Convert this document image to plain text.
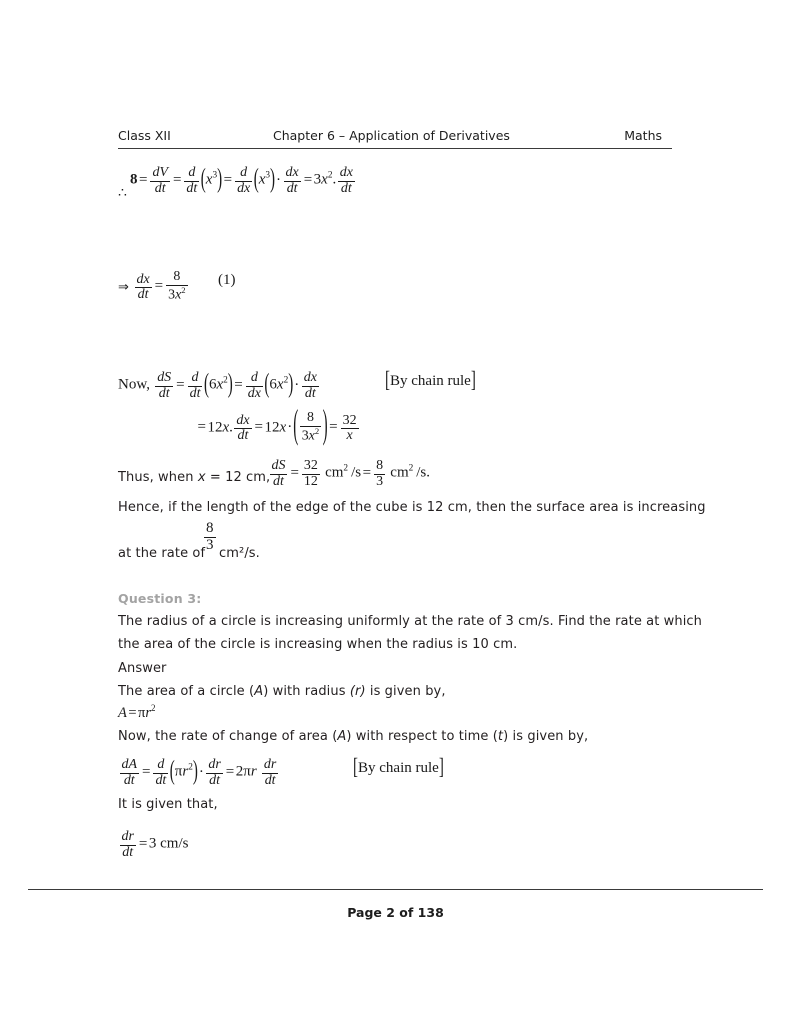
Class XII	Chapter 6 – Application of Derivatives	Maths
∴
$8 = \frac{dV}{dt} = \frac{d}{dt} (x^3) = \frac{d}{dx} (x^3)\cdot \frac{dx}{dt} = 3x^2$. $\frac{dx}{dt}$
⇒ $\frac{dx}{dt} = \frac{8}{3x^2} (1)$
Now, $\frac{dS}{dt} = \frac{d}{dt} (6x^2) = \frac{d}{dx} (6x^2)\cdot \frac{dx}{dt}$	[By chain rule]
= 12x. $\frac{dx}{dt} = 12x\cdot( \frac{8}{3x^2}$ ) = $\frac{32}{x}$
Thus, when x = 12 cm, $\frac{dS}{dt} = \frac{32}{12} cm^2$ $/s = \frac{8}{3} cm^2$ /s.
Hence, if the length of the edge of the cube is 12 cm, then the surface area is increasing
at the rate of
$\frac{8}{3} cm^2/s$.
Question 3:
The radius of a circle is increasing uniformly at the rate of 3 cm/s. Find the rate at which
the area of the circle is increasing when the radius is 10 cm.
Answer
The area of a circle (A) with radius (r) is given by,
$A = \pi r^2$
Now, the rate of change of area (A) with respect to time (t) is given by,
$\frac{dA}{dt} = \frac{d}{dt} (\pi r^2)\cdot \frac{dr}{dt} = 2\pi r \frac{dr}{dt}$	[By chain rule]
It is given that,
$\frac{dr}{dt} = 3$ cm/s
Page 2 of 138
